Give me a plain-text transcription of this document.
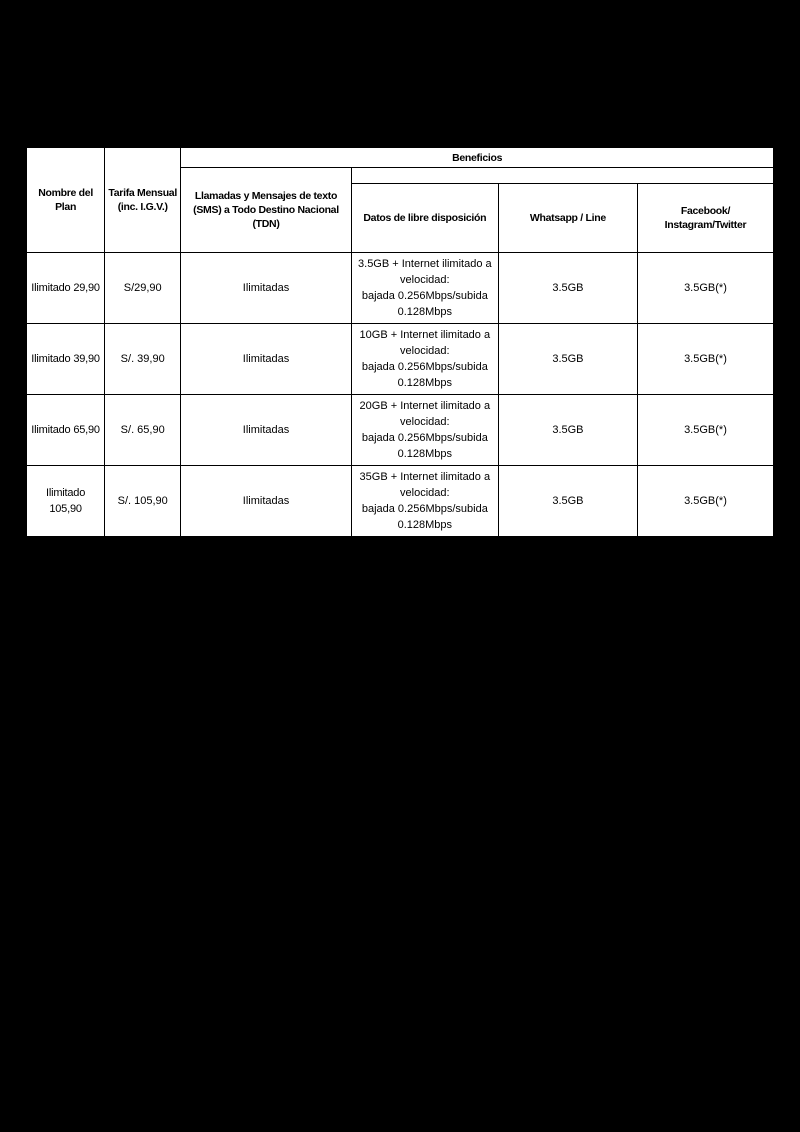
Nombre del Plan	Tarifa Mensual (inc. I.G.V.)	Beneficios			
		Llamadas y Mensajes de texto (SMS) a Todo Destino Nacional (TDN)			
			Datos de libre disposición	Whatsapp / Line	Facebook/ Instagram/Twitter
Ilimitado 29,90	S/29,90	Ilimitadas	3.5GB + Internet ilimitado a
velocidad:
bajada 0.256Mbps/subida
0.128Mbps	3.5GB	3.5GB(*)
Ilimitado 39,90	S/. 39,90	Ilimitadas	10GB + Internet ilimitado a
velocidad:
bajada 0.256Mbps/subida
0.128Mbps	3.5GB	3.5GB(*)
Ilimitado 65,90	S/. 65,90	Ilimitadas	20GB + Internet ilimitado a
velocidad:
bajada 0.256Mbps/subida
0.128Mbps	3.5GB	3.5GB(*)
Ilimitado 105,90	S/. 105,90	Ilimitadas	35GB + Internet ilimitado a
velocidad:
bajada 0.256Mbps/subida
0.128Mbps	3.5GB	3.5GB(*)
